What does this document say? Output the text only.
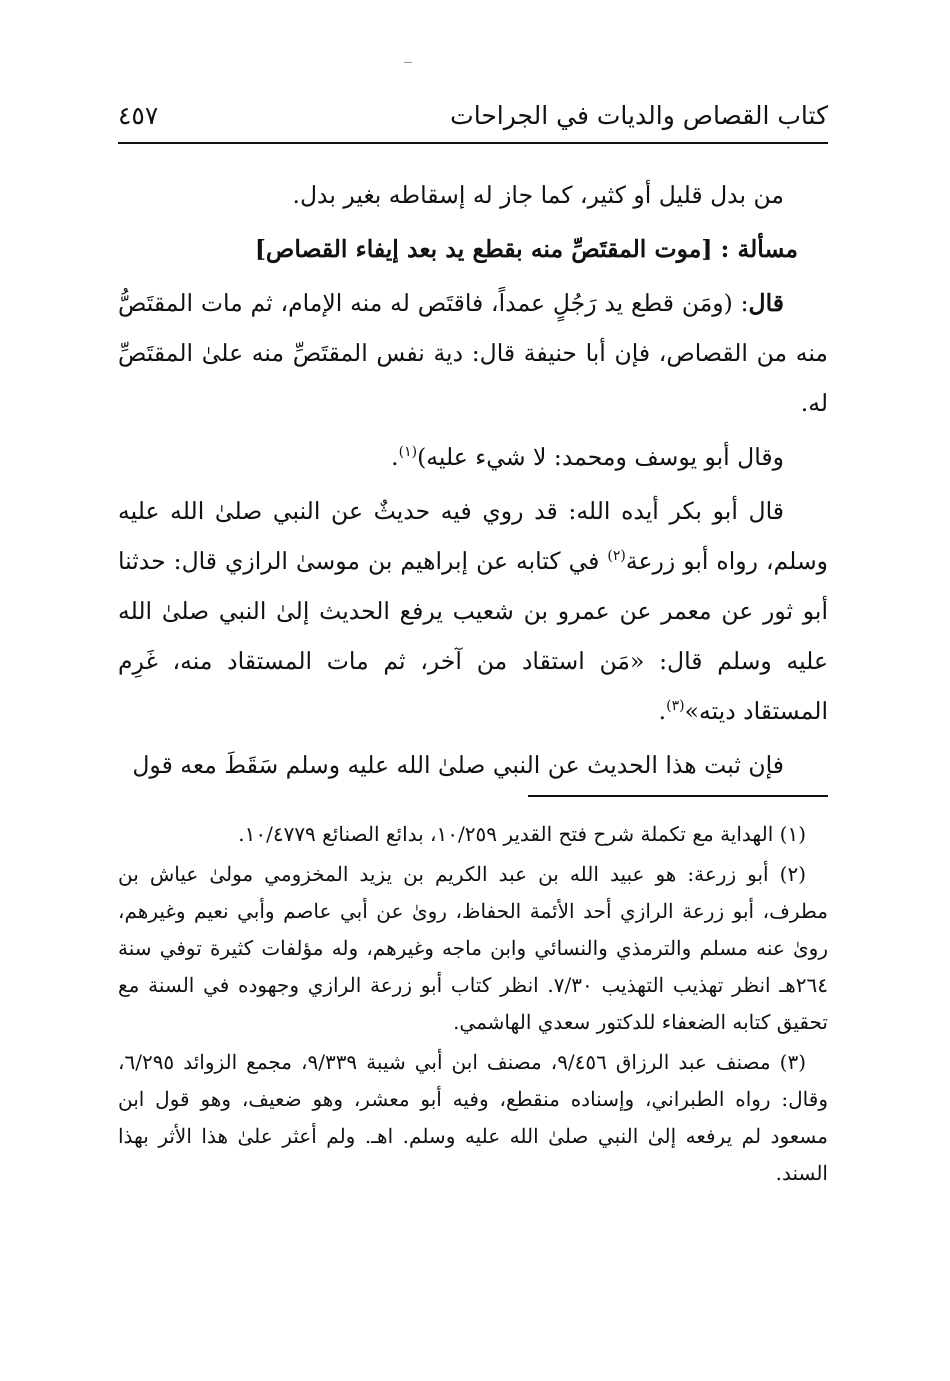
كتاب القصاص والديات في الجراحات
٤٥٧

من بدل قليل أو كثير، كما جاز له إسقاطه بغير بدل.

مسألة : [موت المقتَصِّ منه بقطع يد بعد إيفاء القصاص]

قال: (ومَن قطع يد رَجُلٍ عمداً، فاقتَص له منه الإمام، ثم مات المقتَصُّ منه من القصاص، فإن أبا حنيفة قال: دية نفس المقتَصِّ منه علىٰ المقتَصِّ له.

وقال أبو يوسف ومحمد: لا شيء عليه)$^{(١)}$.

قال أبو بكر أيده الله: قد روي فيه حديثٌ عن النبي صلىٰ الله عليه وسلم، رواه أبو زرعة$^{(٢)}$ في كتابه عن إبراهيم بن موسىٰ الرازي قال: حدثنا أبو ثور عن معمر عن عمرو بن شعيب يرفع الحديث إلىٰ النبي صلىٰ الله عليه وسلم قال: «مَن استقاد من آخر، ثم مات المستقاد منه، غَرِم المستقاد ديته»$^{(٣)}$.

فإن ثبت هذا الحديث عن النبي صلىٰ الله عليه وسلم سَقَطَ معه قول

(١) الهداية مع تكملة شرح فتح القدير ١٠/٢٥٩، بدائع الصنائع ١٠/٤٧٧٩.

(٢) أبو زرعة: هو عبيد الله بن عبد الكريم بن يزيد المخزومي مولىٰ عياش بن مطرف، أبو زرعة الرازي أحد الأئمة الحفاظ، روىٰ عن أبي عاصم وأبي نعيم وغيرهم، روىٰ عنه مسلم والترمذي والنسائي وابن ماجه وغيرهم، وله مؤلفات كثيرة توفي سنة ٢٦٤هـ انظر تهذيب التهذيب ٧/٣٠. انظر كتاب أبو زرعة الرازي وجهوده في السنة مع تحقيق كتابه الضعفاء للدكتور سعدي الهاشمي.

(٣) مصنف عبد الرزاق ٩/٤٥٦، مصنف ابن أبي شيبة ٩/٣٣٩، مجمع الزوائد ٦/٢٩٥، وقال: رواه الطبراني، وإسناده منقطع، وفيه أبو معشر، وهو ضعيف، وهو قول ابن مسعود لم يرفعه إلىٰ النبي صلىٰ الله عليه وسلم. اهـ. ولم أعثر علىٰ هذا الأثر بهذا السند.
